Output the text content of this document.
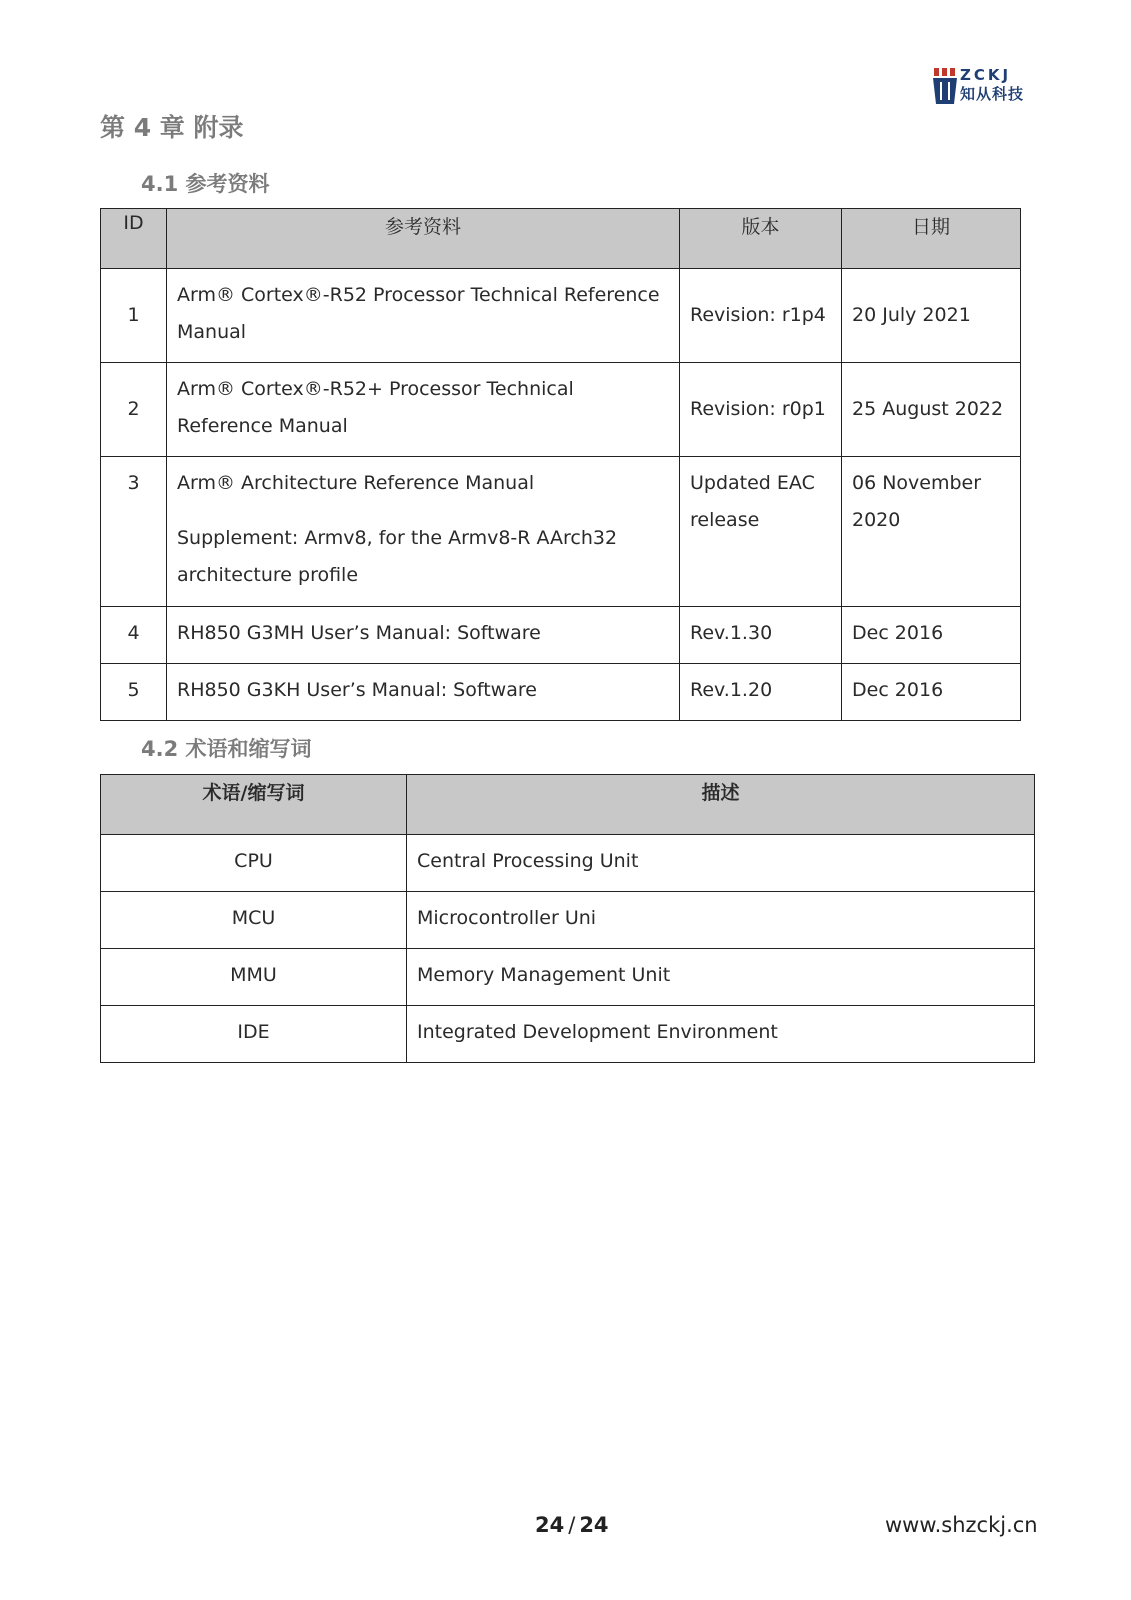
ZCKJ
知从科技
第 4 章 附录
4.1 参考资料
ID	参考资料	版本	日期

1	Arm® Cortex®-R52 Processor Technical Reference Manual	Revision: r1p4	20 July 2021

2	Arm® Cortex®-R52+ Processor Technical Reference Manual	Revision: r0p1	25 August 2022

3	Arm® Architecture Reference Manual
Supplement: Armv8, for the Armv8-R AArch32 architecture profile	Updated EAC release	06 November 2020

4	RH850 G3MH User’s Manual: Software	Rev.1.30	Dec 2016

5	RH850 G3KH User’s Manual: Software	Rev.1.20	Dec 2016
4.2 术语和缩写词
术语/缩写词	描述

CPU	Central Processing Unit

MCU	Microcontroller Uni

MMU	Memory Management Unit

IDE	Integrated Development Environment
24 / 24	www.shzckj.cn
